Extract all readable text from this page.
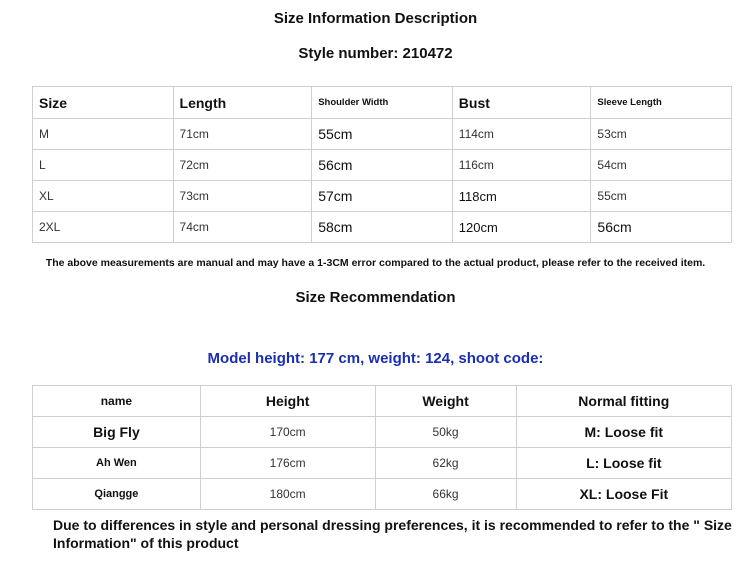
Size Information Description
Style number: 210472
Size	Length	Shoulder Width	Bust	Sleeve Length
M	71cm	55cm	114cm	53cm
L	72cm	56cm	116cm	54cm
XL	73cm	57cm	118cm	55cm
2XL	74cm	58cm	120cm	56cm
The above measurements are manual and may have a 1-3CM error compared to the actual product, please refer to the received item.
Size Recommendation
Model height: 177 cm, weight: 124, shoot code:
name	Height	Weight	Normal fitting
Big Fly	170cm	50kg	M: Loose fit
Ah Wen	176cm	62kg	L: Loose fit
Qiangge	180cm	66kg	XL: Loose Fit
Due to differences in style and personal dressing preferences, it is recommended to refer to the " Size Information" of this product
